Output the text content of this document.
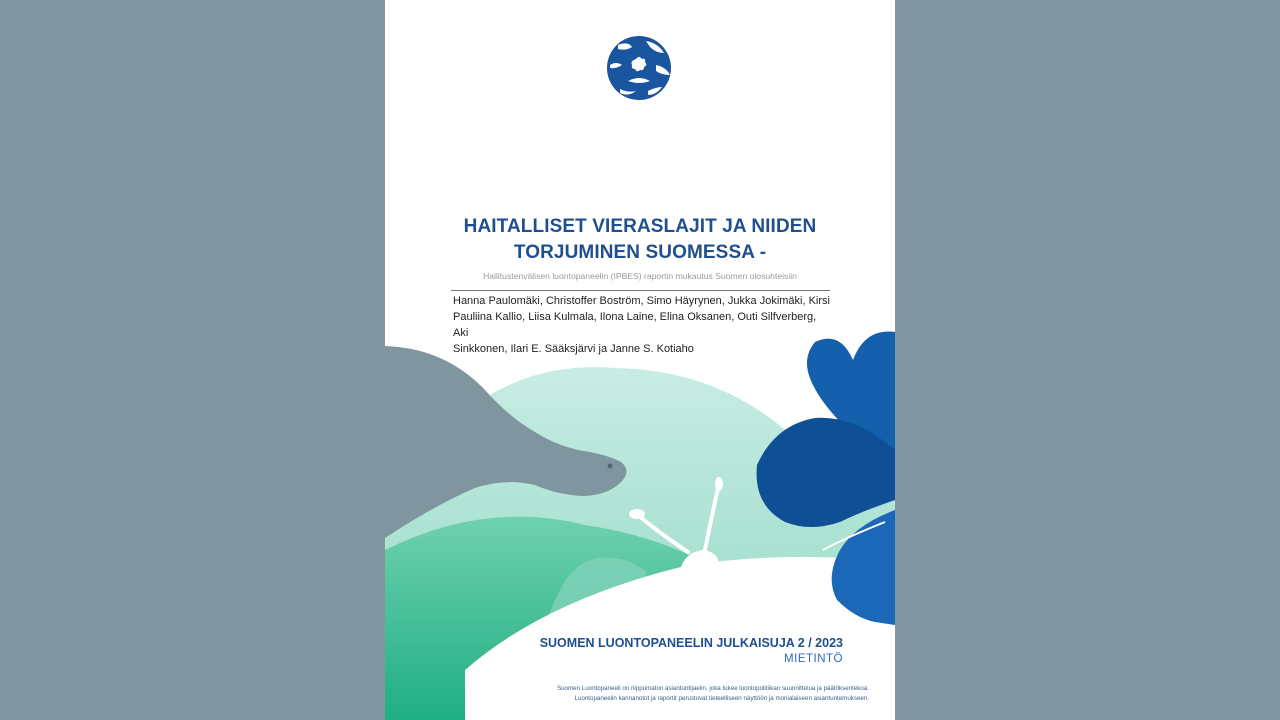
HAITALLISET VIERASLAJIT JA NIIDEN
TORJUMINEN SUOMESSA -
Hallitustenvälisen luontopaneelin (IPBES) raportin mukautus Suomen olosuhteisiin
Hanna Paulomäki, Christoffer Boström, Simo Häyrynen, Jukka Jokimäki, Kirsi
Pauliina Kallio, Liisa Kulmala, Ilona Laine, Elina Oksanen, Outi Silfverberg, Aki
Sinkkonen, Ilari E. Sääksjärvi ja Janne S. Kotiaho
SUOMEN LUONTOPANEELIN JULKAISUJA 2 / 2023
MIETINTÖ
Suomen Luontopaneeli on riippumaton asiantuntijaelin, joka tukee luontopolitiikan suunnittelua ja päätöksentekoa.
Luontopaneelin kannanotot ja raportit perustuvat tieteelliseen näyttöön ja monialaiseen asiantuntemukseen.
